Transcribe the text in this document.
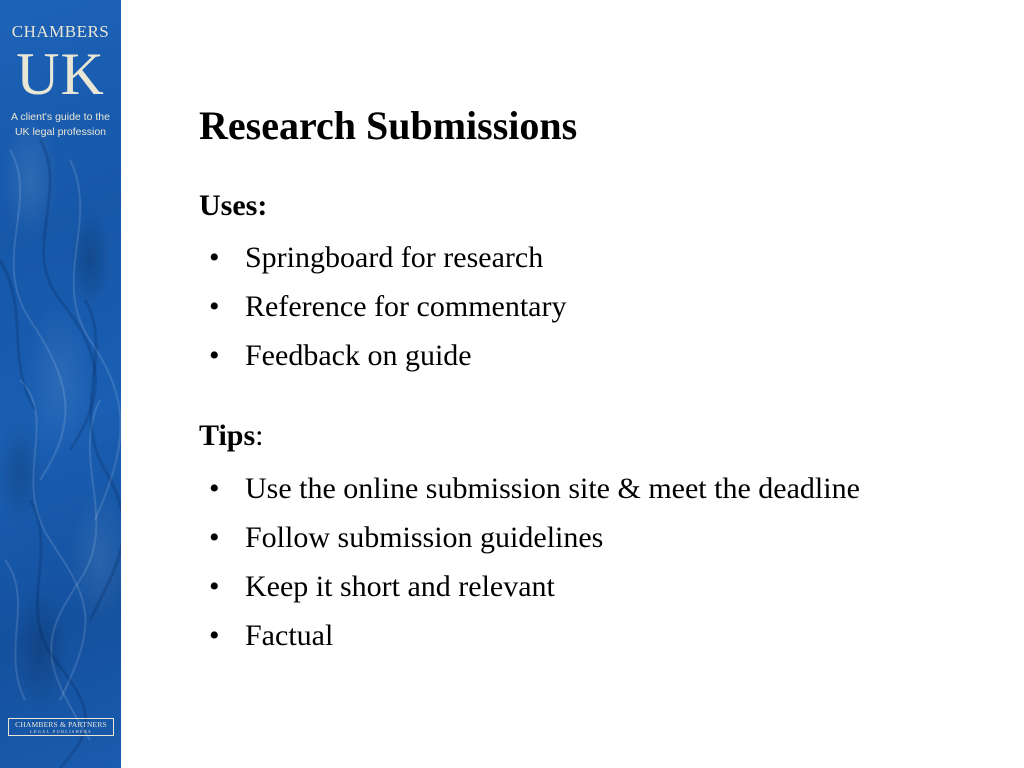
CHAMBERS
UK
A client's guide to the
UK legal profession
CHAMBERS & PARTNERS
LEGAL PUBLISHERS
Research Submissions
Uses:
• Springboard for research
• Reference for commentary
• Feedback on guide
Tips:
• Use the online submission site & meet the deadline
• Follow submission guidelines
• Keep it short and relevant
• Factual
